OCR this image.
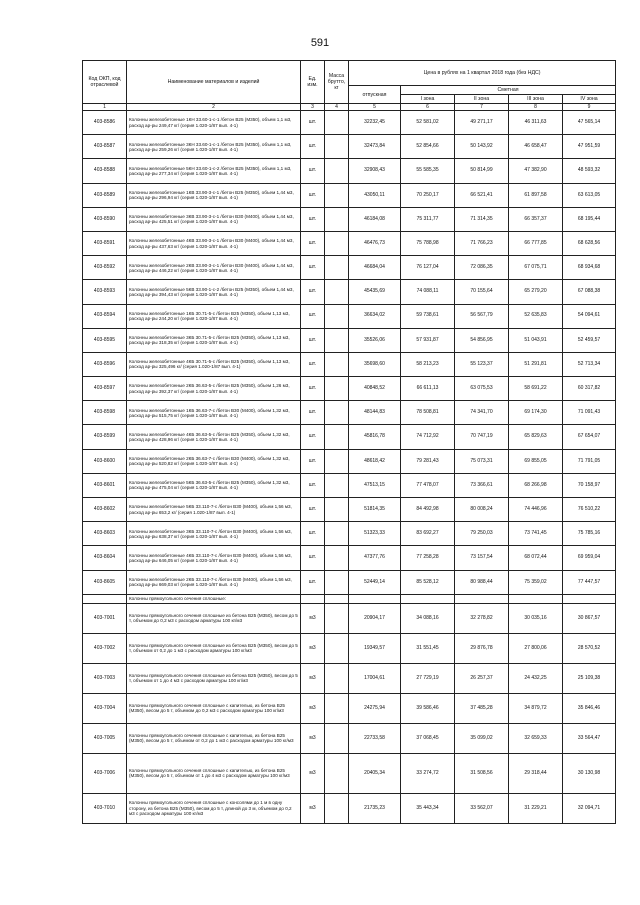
591
Код ОКП, код отраслевой	Наименование материалов и изделий	Ед. изм.	Масса брутто, кг	Цена в рублях на 1 квартал 2018 года (без НДС)				
				отпускная	Сметная			
					I зона	II зона	III зона	IV зона
1	2	3	4	5	6	7	8	9
403-8586	Колонны железобетонные 1КН 33.60-1-с-1 /бетон В25 (М350), объем 1,1 м3, расход ар-ры 249,47 кг/ (серия 1.020-1/87 вып. 4-1)	шт.		32232,45	52 581,02	49 271,17	46 311,63	47 565,14
403-8587	Колонны железобетонные 3КН 33.60-1-с-1 /бетон В25 (М350), объем 1,1 м3, расход ар-ры 259,26 кг/ (серия 1.020-1/87 вып. 4-1)	шт.		32473,84	52 854,66	50 143,92	46 658,47	47 951,59
403-8588	Колонны железобетонные 5КН 33.60-1-с-2 /бетон В25 (М350), объем 1,1 м3, расход ар-ры 277,34 кг/ (серия 1.020-1/87 вып. 4-1)	шт.		32908,43	55 585,35	50 814,99	47 382,90	48 593,32
403-8589	Колонны железобетонные 1КВ 33.90-3-с-1 /бетон В25 (М350), объем 1,44 м3, расход ар-ры 296,94 кг/ (серия 1.020-1/87 вып. 4-1)	шт.		43050,11	70 250,17	66 521,41	61 897,58	63 613,05
403-8590	Колонны железобетонные 3КВ 33.90-3-с-1 /бетон В30 (М400), объем 1,44 м3, расход ар-ры 425,51 кг/ (серия 1.020-1/87 вып. 4-1)	шт.		46184,08	75 311,77	71 314,35	66 357,37	68 195,44
403-8591	Колонны железобетонные 4КВ 33.90-3-с-1 /бетон В30 (М400), объем 1,44 м3, расход ар-ры 437,63 кг/ (серия 1.020-1/87 вып. 4-1)	шт.		46476,73	75 788,98	71 766,23	66 777,85	68 628,56
403-8592	Колонны железобетонные 2КВ 33.90-3-с-1 /бетон В30 (М400), объем 1,44 м3, расход ар-ры 446,22 кг/ (серия 1.020-1/87 вып. 4-1)	шт.		46684,04	76 127,04	72 086,35	67 075,71	68 934,68
403-8593	Колонны железобетонные 5КВ 33.90-1-с-2 /бетон В25 (М350), объем 1,44 м3, расход ар-ры 394,43 кг/ (серия 1.020-1/87 вып. 4-1)	шт.		45435,69	74 088,11	70 155,64	65 279,20	67 088,38
403-8594	Колонны железобетонные 1КБ 30.71-5-с /бетон В25 (М350), объем 1,13 м3, расход ар-ры 244,20 кг/ (серия 1.020-1/87 вып. 4-1)	шт.		36634,02	59 738,61	56 567,79	52 635,83	54 094,61
403-8595	Колонны железобетонные 3КБ 30.71-5-с /бетон В25 (М350), объем 1,13 м3, расход ар-ры 318,35 кг/ (серия 1.020-1/87 вып. 4-1)	шт.		35526,06	57 931,87	54 856,95	51 043,91	52 459,57
403-8596	Колонны железобетонные 4КБ 30.71-5-с /бетон В25 (М350), объем 1,13 м3, расход ар-ры 325,496 кг/ (серия 1.020-1/87 вып. 4-1)	шт.		35698,60	58 213,23	55 123,37	51 291,81	52 713,34
403-8597	Колонны железобетонные 2КБ 36.63-5-с /бетон В25 (М350), объем 1,26 м3, расход ар-ры 392,37 кг/ (серия 1.020-1/87 вып. 4-1)	шт.		40848,52	66 611,13	63 075,53	58 691,22	60 317,82
403-8598	Колонны железобетонные 1КБ 36.63-7-с /бетон В30 (М400), объем 1,32 м3, расход ар-ры 515,75 кг/ (серия 1.020-1/87 вып. 4-1)	шт.		48144,83	78 508,81	74 341,70	69 174,30	71 091,43
403-8599	Колонны железобетонные 4КБ 36.63-5-с /бетон В25 (М350), объем 1,32 м3, расход ар-ры 428,96 кг/ (серия 1.020-1/87 вып. 4-1)	шт.		45816,78	74 712,92	70 747,19	65 829,63	67 654,07
403-8600	Колонны железобетонные 2КБ 36.63-7-с /бетон В30 (М400), объем 1,32 м3, расход ар-ры 520,82 кг/ (серия 1.020-1/87 вып. 4-1)	шт.		48618,42	79 281,43	75 073,31	69 855,05	71 791,05
403-8601	Колонны железобетонные 5КБ 36.63-5-с /бетон В25 (М350), объем 1,32 м3, расход ар-ры 475,04 кг/ (серия 1.020-1/87 вып. 4-1)	шт.		47513,15	77 478,07	73 366,61	68 266,98	70 158,97
403-8602	Колонны железобетонные 5КБ 33.110-7-с /бетон В30 (М400), объем 1,56 м3, расход ар-ры 653,2 кг/ (серия 1.020-1/87 вып. 4-1)	шт.		51814,35	84 492,98	80 008,24	74 446,96	76 510,22
403-8603	Колонны железобетонные 3КБ 33.110-7-с /бетон В30 (М400), объем 1,56 м3, расход ар-ры 638,37 кг/ (серия 1.020-1/87 вып. 4-1)	шт.		51323,33	83 692,27	79 250,03	73 741,45	75 785,16
403-8604	Колонны железобетонные 4КБ 33.110-7-с /бетон В30 (М400), объем 1,56 м3, расход ар-ры 646,05 кг/ (серия 1.020-1/87 вып. 4-1)	шт.		47377,76	77 258,28	73 157,54	68 072,44	69 959,04
403-8605	Колонны железобетонные 2КБ 33.110-7-с /бетон В30 (М400), объем 1,56 м3, расход ар-ры 669,03 кг/ (серия 1.020-1/87 вып. 4-1)	шт.		52449,14	85 528,12	80 988,44	75 359,02	77 447,57
	Колонны прямоугольного сечения сплошные:							
403-7001	Колонны прямоугольного сечения сплошные из бетона В25 (М350), весом до 5 т, объемом до 0,2 м3 с расходом арматуры 100 кг/м3	м3		20904,17	34 088,16	32 278,82	30 035,16	30 867,57
403-7002	Колонны прямоугольного сечения сплошные из бетона В25 (М350), весом до 5 т, объемом от 0,2 до 1 м3 с расходом арматуры 100 кг/м3	м3		19349,57	31 551,45	29 876,78	27 800,06	28 570,52
403-7003	Колонны прямоугольного сечения сплошные из бетона В25 (М350), весом до 5 т, объемом от 1 до 4 м3 с расходом арматуры 100 кг/м3	м3		17004,61	27 729,19	26 257,37	24 432,25	25 109,38
403-7004	Колонны прямоугольного сечения сплошные с капителью, из бетона В25 (М350), весом до 5 т, объемом до 0,2 м3 с расходом арматуры 100 кг/м3	м3		24275,94	39 586,46	37 485,28	34 879,72	35 846,46
403-7005	Колонны прямоугольного сечения сплошные с капителью, из бетона В25 (М350), весом до 5 т, объемом от 0,2 до 1 м3 с расходом арматуры 100 кг/м3	м3		22733,58	37 068,45	35 099,02	32 659,33	33 564,47
403-7006	Колонны прямоугольного сечения сплошные с капителью, из бетона В25 (М350), весом до 5 т, объемом от 1 до 4 м3 с расходом арматуры 100 кг/м3	м3		20405,34	33 274,72	31 508,56	29 318,44	30 130,98
403-7010	Колонны прямоугольного сечения сплошные с консолями до 1 м в одну сторону, из бетона В25 (М350), весом до 5 т, длиной до 3 м, объемом до 0,2 м3 с расходом арматуры 100 кг/м3	м3		21735,23	35 443,34	33 562,07	31 229,21	32 094,71
